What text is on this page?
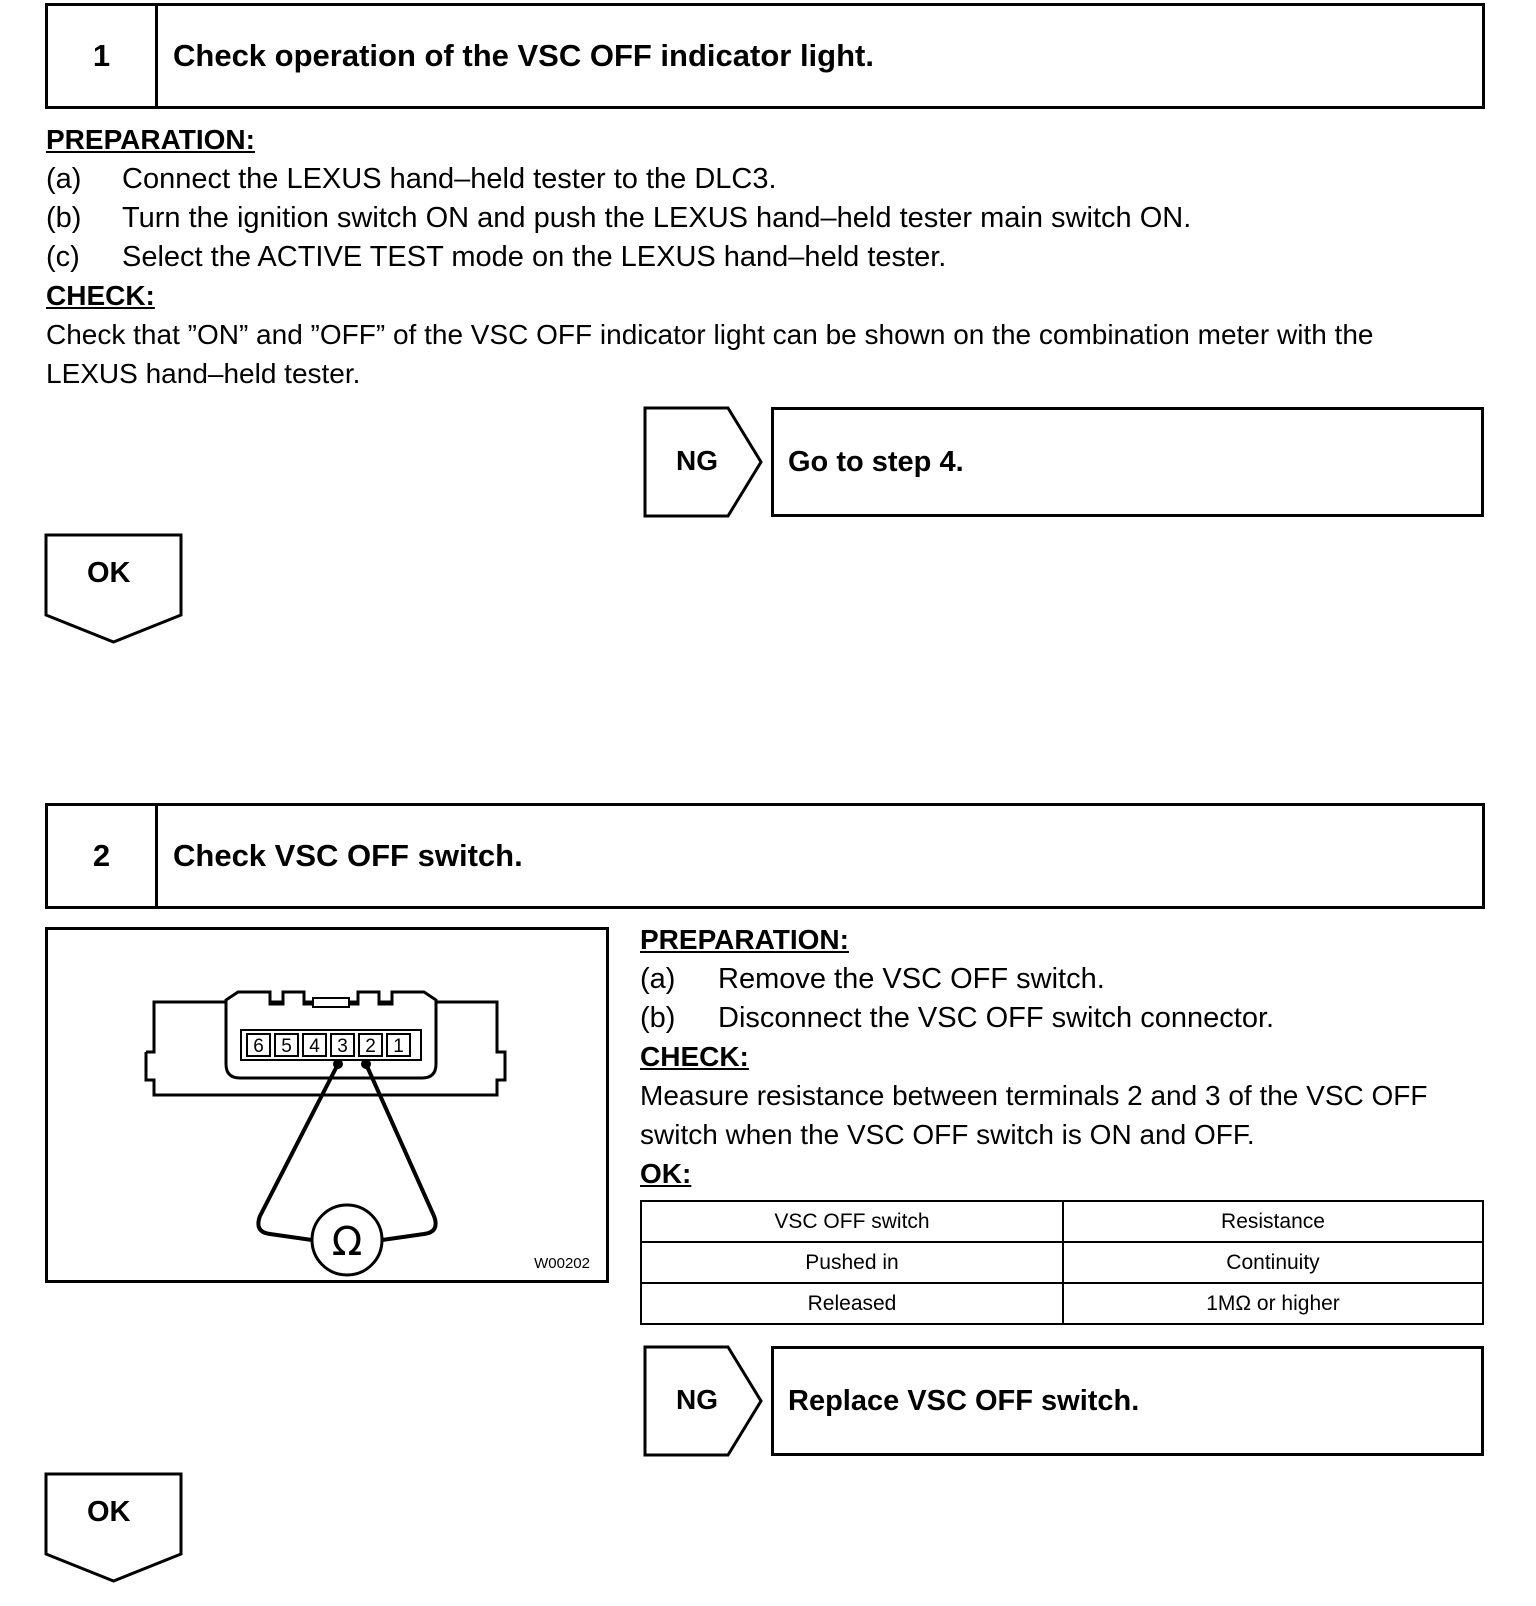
1	Check operation of the VSC OFF indicator light.
PREPARATION:
(a) Connect the LEXUS hand–held tester to the DLC3.
(b) Turn the ignition switch ON and push the LEXUS hand–held tester main switch ON.
(c) Select the ACTIVE TEST mode on the LEXUS hand–held tester.
CHECK:
Check that ”ON” and ”OFF” of the VSC OFF indicator light can be shown on the combination meter with the
LEXUS hand–held tester.
NG Go to step 4.
OK
2	Check VSC OFF switch.
6 5 4 3 2 1
Ω	W00202
PREPARATION:
(a) Remove the VSC OFF switch.
(b) Disconnect the VSC OFF switch connector.
CHECK:
Measure resistance between terminals 2 and 3 of the VSC OFF
switch when the VSC OFF switch is ON and OFF.
OK:
VSC OFF switch	Resistance
Pushed in	Continuity
Released	1MΩ or higher
NG Replace VSC OFF switch.
OK
